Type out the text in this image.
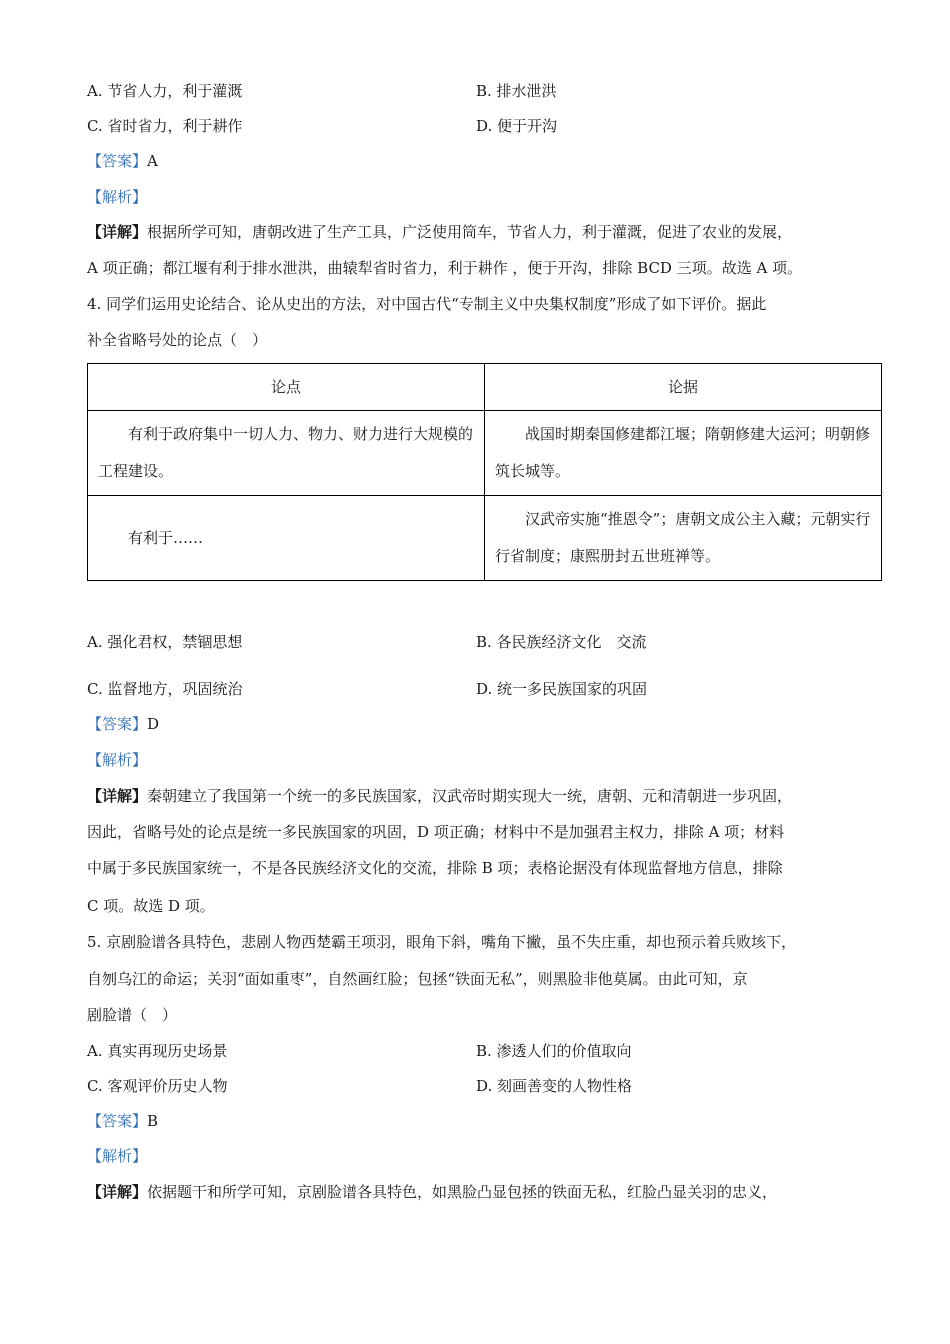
A. 节省人力，利于灌溉	B. 排水泄洪
C. 省时省力，利于耕作	D. 便于开沟
【答案】A
【解析】
【详解】根据所学可知，唐朝改进了生产工具，广泛使用筒车，节省人力，利于灌溉，促进了农业的发展，
A 项正确；都江堰有利于排水泄洪，曲辕犁省时省力，利于耕作 ，便于开沟，排除 BCD 三项。故选 A 项。
4. 同学们运用史论结合、论从史出的方法，对中国古代“专制主义中央集权制度”形成了如下评价。据此
补全省略号处的论点（　）
论点	论据
有利于政府集中一切人力、物力、财力进行大规模的工程建设。	战国时期秦国修建都江堰；隋朝修建大运河；明朝修筑长城等。
有利于……	汉武帝实施“推恩令”；唐朝文成公主入藏；元朝实行行省制度；康熙册封五世班禅等。
A. 强化君权，禁锢思想	B. 各民族经济文化　交流
C. 监督地方，巩固统治	D. 统一多民族国家的巩固
【答案】D
【解析】
【详解】秦朝建立了我国第一个统一的多民族国家，汉武帝时期实现大一统，唐朝、元和清朝进一步巩固，
因此，省略号处的论点是统一多民族国家的巩固，D 项正确；材料中不是加强君主权力，排除 A 项；材料
中属于多民族国家统一，不是各民族经济文化的交流，排除 B 项；表格论据没有体现监督地方信息，排除
C 项。故选 D 项。
5. 京剧脸谱各具特色，悲剧人物西楚霸王项羽，眼角下斜，嘴角下撇，虽不失庄重，却也预示着兵败垓下，
自刎乌江的命运；关羽“面如重枣”，自然画红脸；包拯“铁面无私”，则黑脸非他莫属。由此可知，京
剧脸谱（　）
A. 真实再现历史场景	B. 渗透人们的价值取向
C. 客观评价历史人物	D. 刻画善变的人物性格
【答案】B
【解析】
【详解】依据题干和所学可知，京剧脸谱各具特色，如黑脸凸显包拯的铁面无私，红脸凸显关羽的忠义，
